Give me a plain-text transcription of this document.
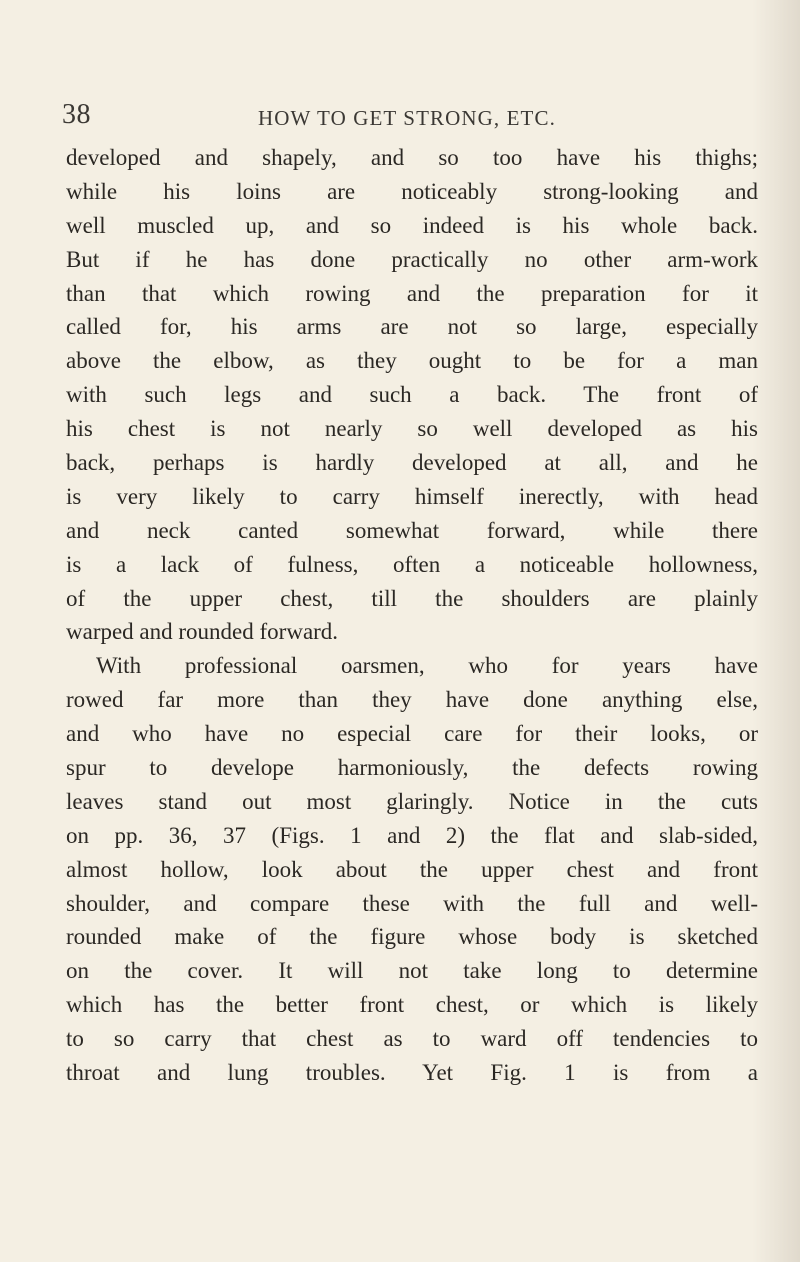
38	HOW TO GET STRONG, ETC.
developed and shapely, and so too have his thighs;
while his loins are noticeably strong-looking and
well muscled up, and so indeed is his whole back.
But if he has done practically no other arm-work
than that which rowing and the preparation for it
called for, his arms are not so large, especially
above the elbow, as they ought to be for a man
with such legs and such a back. The front of
his chest is not nearly so well developed as his
back, perhaps is hardly developed at all, and he
is very likely to carry himself inerectly, with head
and neck canted somewhat forward, while there
is a lack of fulness, often a noticeable hollowness,
of the upper chest, till the shoulders are plainly
warped and rounded forward.
With professional oarsmen, who for years have
rowed far more than they have done anything else,
and who have no especial care for their looks, or
spur to develope harmoniously, the defects rowing
leaves stand out most glaringly. Notice in the cuts
on pp. 36, 37 (Figs. 1 and 2) the flat and slab-sided,
almost hollow, look about the upper chest and front
shoulder, and compare these with the full and well-
rounded make of the figure whose body is sketched
on the cover. It will not take long to determine
which has the better front chest, or which is likely
to so carry that chest as to ward off tendencies to
throat and lung troubles. Yet Fig. 1 is from a
